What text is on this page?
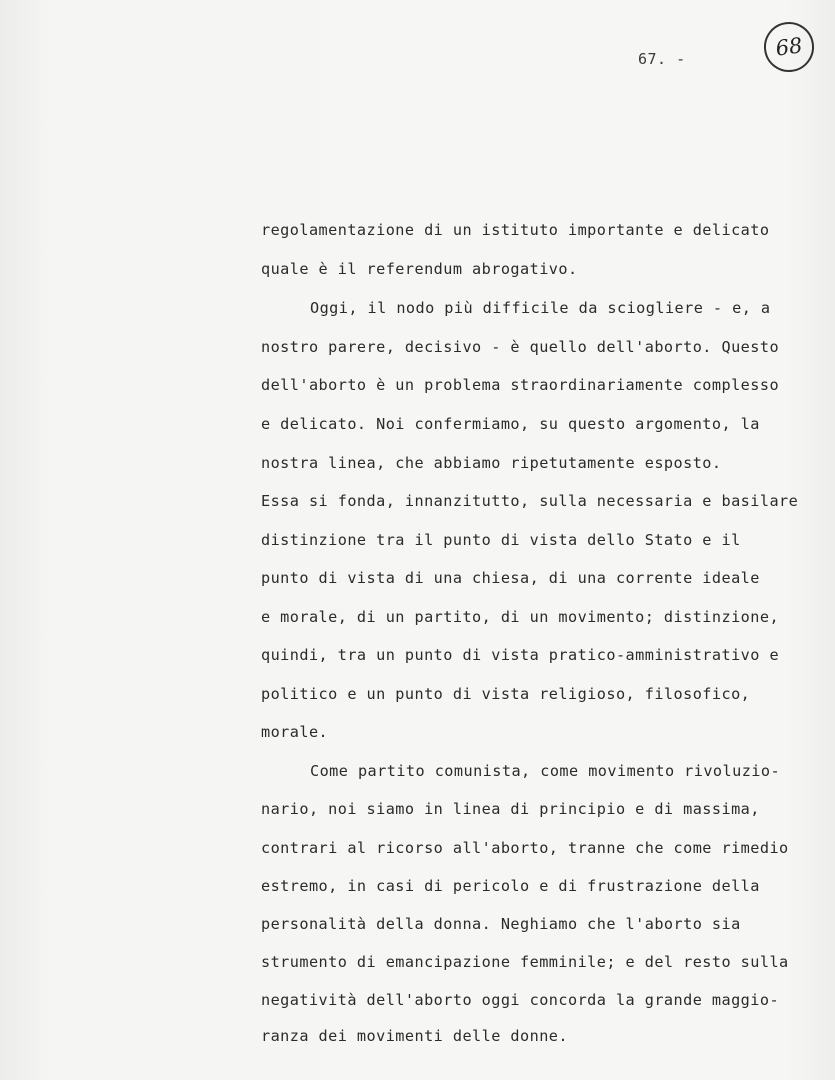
67. -	68
regolamentazione di un istituto importante e delicato
quale è il referendum abrogativo.
Oggi, il nodo più difficile da sciogliere - e, a
nostro parere, decisivo - è quello dell'aborto. Questo
dell'aborto è un problema straordinariamente complesso
e delicato. Noi confermiamo, su questo argomento, la
nostra linea, che abbiamo ripetutamente esposto.
Essa si fonda, innanzitutto, sulla necessaria e basilare
distinzione tra il punto di vista dello Stato e il
punto di vista di una chiesa, di una corrente ideale
e morale, di un partito, di un movimento; distinzione,
quindi, tra un punto di vista pratico-amministrativo e
politico e un punto di vista religioso, filosofico,
morale.
Come partito comunista, come movimento rivoluzio-
nario, noi siamo in linea di principio e di massima,
contrari al ricorso all'aborto, tranne che come rimedio
estremo, in casi di pericolo e di frustrazione della
personalità della donna. Neghiamo che l'aborto sia
strumento di emancipazione femminile; e del resto sulla
negatività dell'aborto oggi concorda la grande maggio-
ranza dei movimenti delle donne.
